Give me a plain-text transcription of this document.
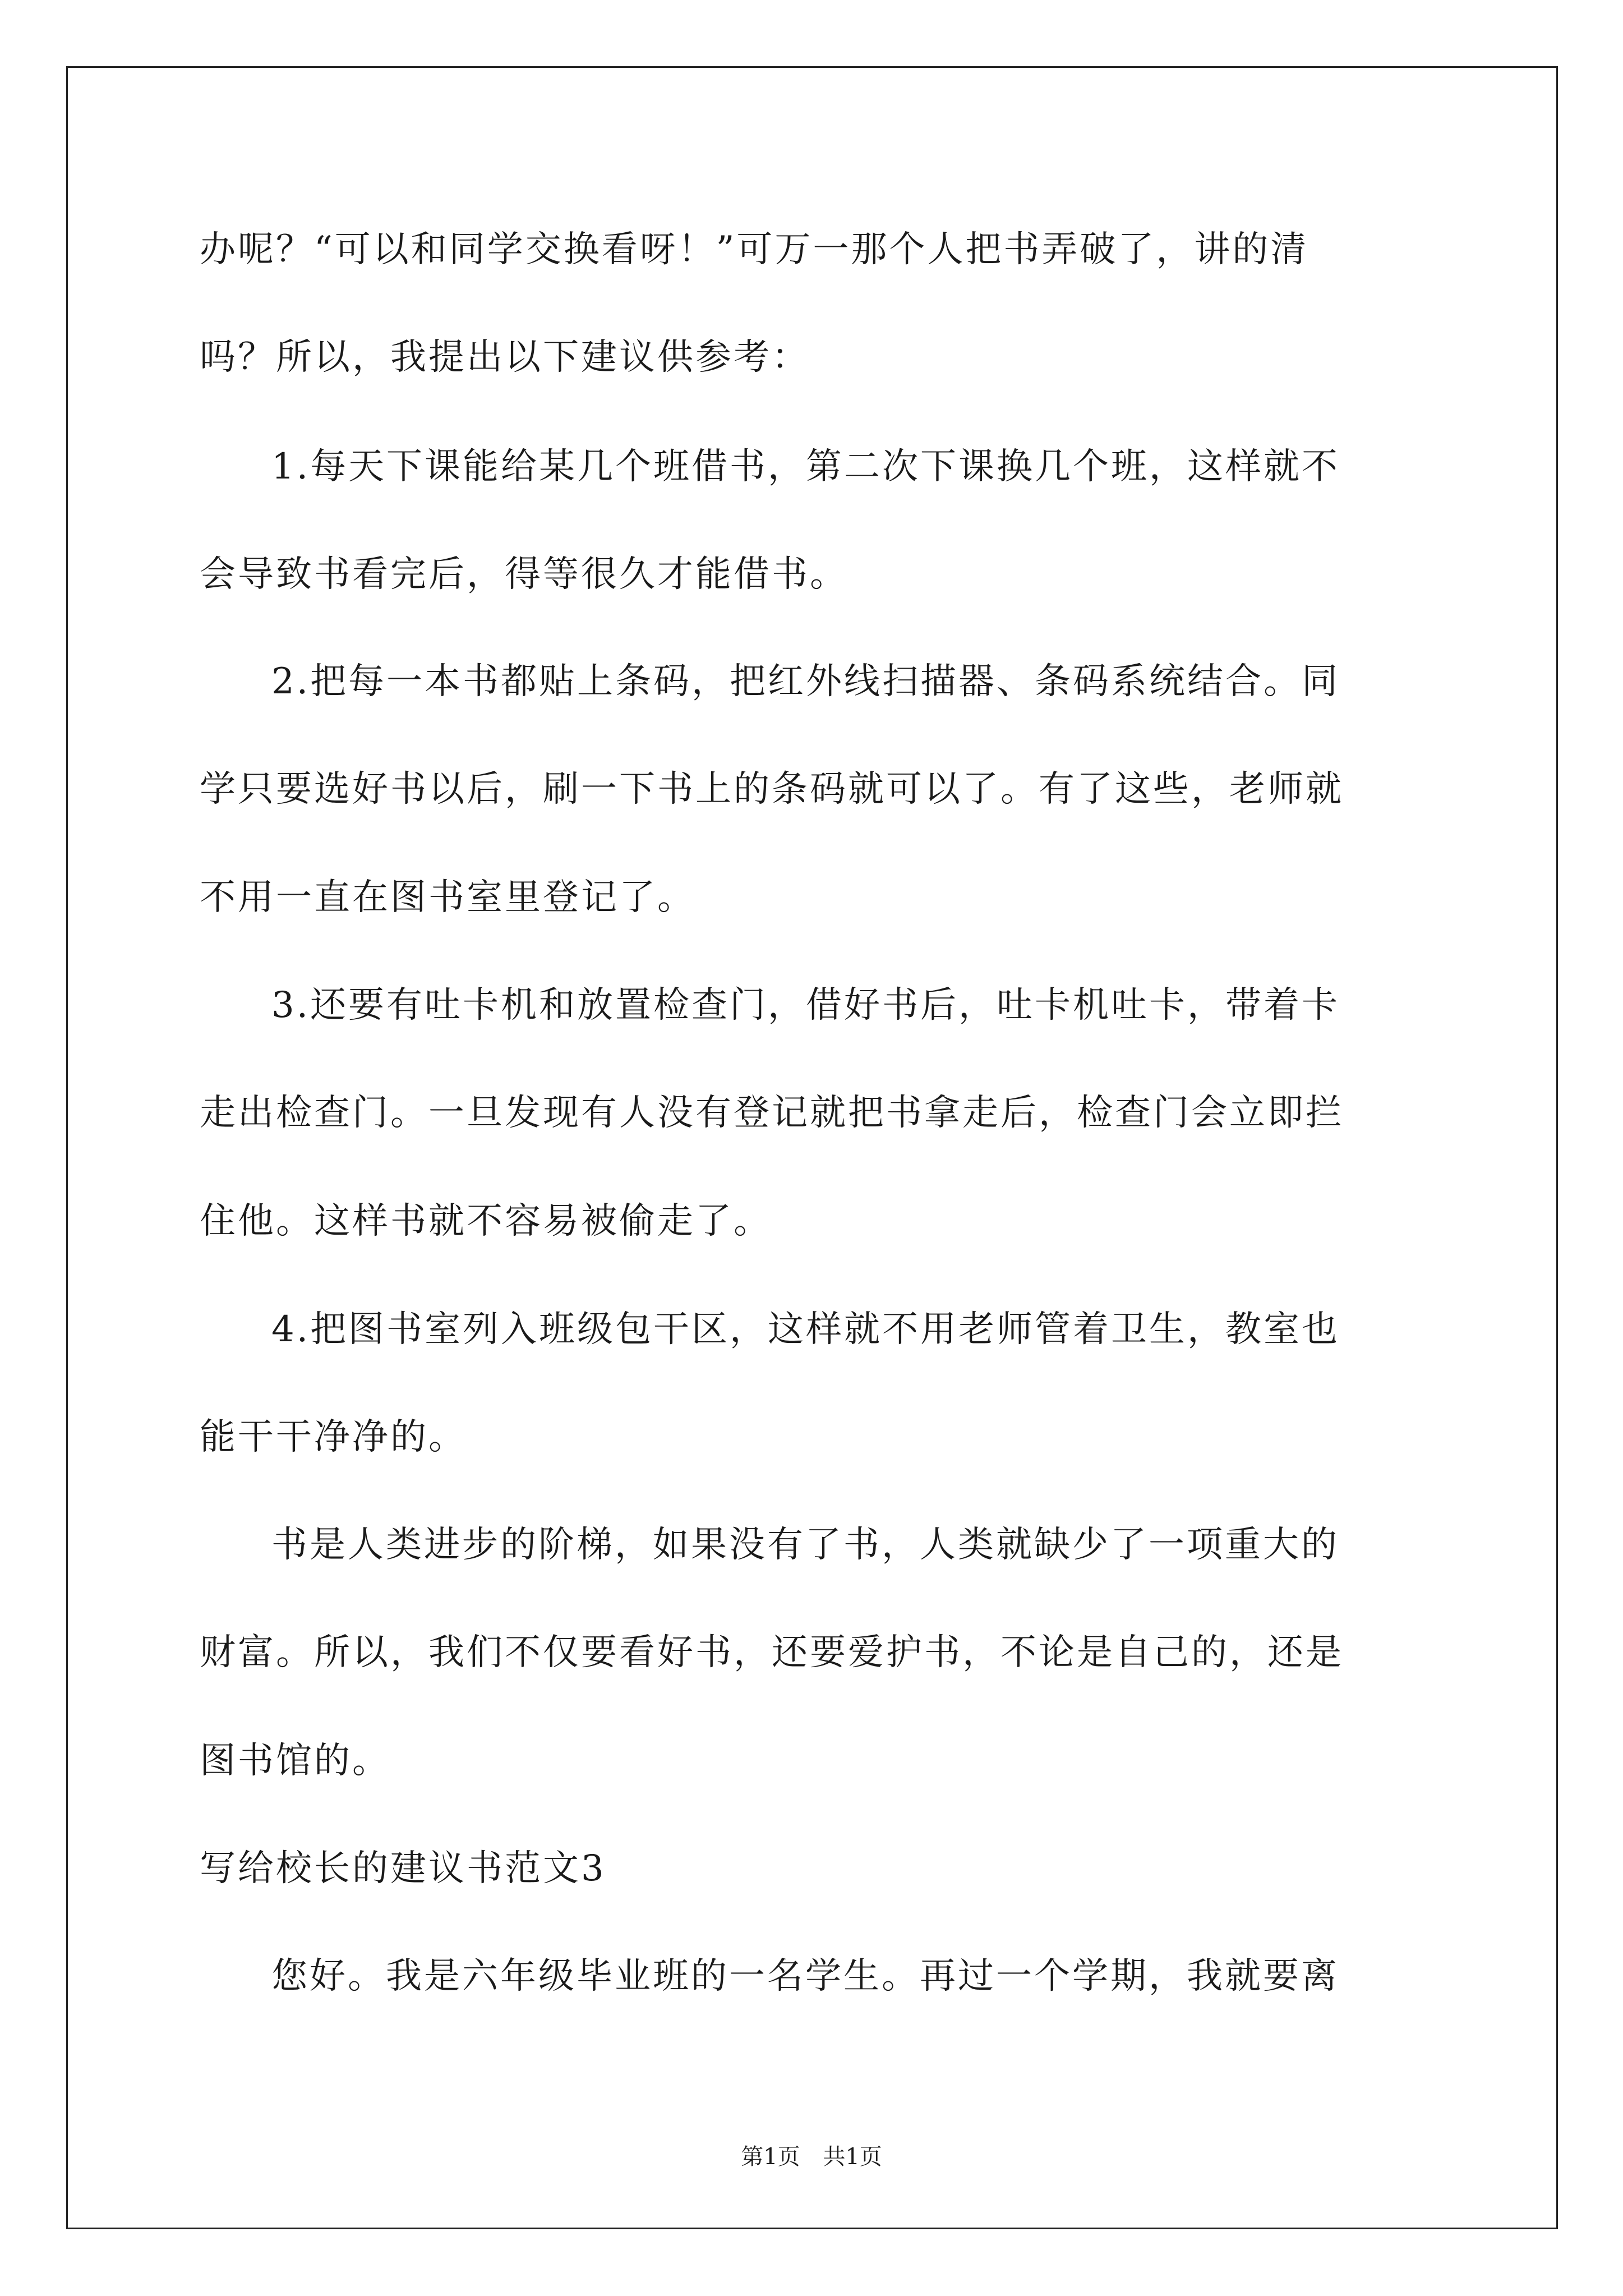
办呢？“可以和同学交换看呀！”可万一那个人把书弄破了，讲的清
吗？所以，我提出以下建议供参考：
1.每天下课能给某几个班借书，第二次下课换几个班，这样就不
会导致书看完后，得等很久才能借书。
2.把每一本书都贴上条码，把红外线扫描器、条码系统结合。同
学只要选好书以后，刷一下书上的条码就可以了。有了这些，老师就
不用一直在图书室里登记了。
3.还要有吐卡机和放置检查门，借好书后，吐卡机吐卡，带着卡
走出检查门。一旦发现有人没有登记就把书拿走后，检查门会立即拦
住他。这样书就不容易被偷走了。
4.把图书室列入班级包干区，这样就不用老师管着卫生，教室也
能干干净净的。
书是人类进步的阶梯，如果没有了书，人类就缺少了一项重大的
财富。所以，我们不仅要看好书，还要爱护书，不论是自己的，还是
图书馆的。
写给校长的建议书范文3
您好。我是六年级毕业班的一名学生。再过一个学期，我就要离
第1页 共1页
